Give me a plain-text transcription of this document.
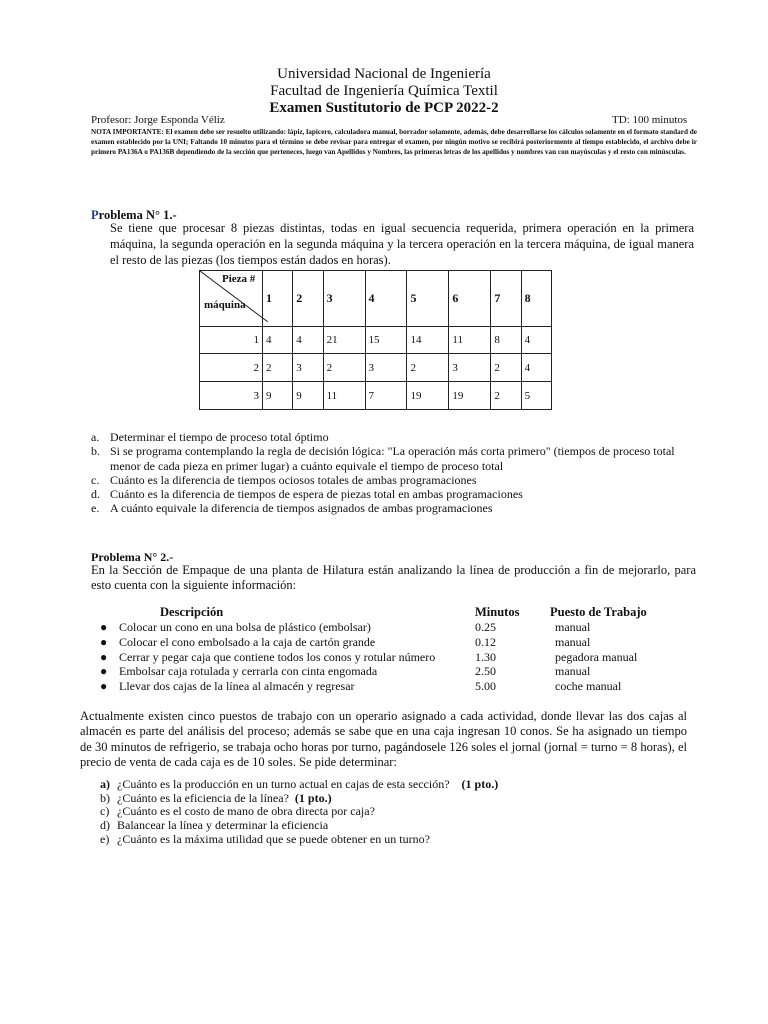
Universidad Nacional de Ingeniería
Facultad de Ingeniería Química Textil
Examen Sustitutorio de PCP 2022-2
Profesor: Jorge Esponda Véliz	TD: 100 minutos
NOTA IMPORTANTE: El examen debe ser resuelto utilizando: lápiz, lapicero, calculadora manual, borrador solamente, además, debe desarrollarse los cálculos solamente en el formato standard de examen establecido por la UNI; Faltando 10 minutos para el término se debe revisar para entregar el examen, por ningún motivo se recibirá posteriormente al tiempo establecido, el archivo debe ir primero PA136A o PA136B dependiendo de la sección que perteneces, luego van Apellidos y Nombres, las primeras letras de los apellidos y nombres van con mayúsculas y el resto con minúsculas.
Problema N° 1.-
Se tiene que procesar 8 piezas distintas, todas en igual secuencia requerida, primera operación en la primera máquina, la segunda operación en la segunda máquina y la tercera operación en la tercera máquina, de igual manera el resto de las piezas (los tiempos están dados en horas).
Pieza #
máquina	1	2	3	4	5	6	7	8
1	4	4	21	15	14	11	8	4
2	2	3	2	3	2	3	2	4
3	9	9	11	7	19	19	2	5
a. Determinar el tiempo de proceso total óptimo
b. Si se programa contemplando la regla de decisión lógica: "La operación más corta primero" (tiempos de proceso total menor de cada pieza en primer lugar) a cuánto equivale el tiempo de proceso total
c. Cuánto es la diferencia de tiempos ociosos totales de ambas programaciones
d. Cuánto es la diferencia de tiempos de espera de piezas total en ambas programaciones
e. A cuánto equivale la diferencia de tiempos asignados de ambas programaciones
Problema N° 2.-
En la Sección de Empaque de una planta de Hilatura están analizando la línea de producción a fin de mejorarlo, para esto cuenta con la siguiente información:
Descripción	Minutos Puesto de Trabajo
● Colocar un cono en una bolsa de plástico (embolsar)	0.25	manual
● Colocar el cono embolsado a la caja de cartón grande	0.12	manual
● Cerrar y pegar caja que contiene todos los conos y rotular número	1.30	pegadora manual
● Embolsar caja rotulada y cerrarla con cinta engomada	2.50	manual
● Llevar dos cajas de la línea al almacén y regresar	5.00	coche manual
Actualmente existen cinco puestos de trabajo con un operario asignado a cada actividad, donde llevar las dos cajas al almacén es parte del análisis del proceso; además se sabe que en una caja ingresan 10 conos. Se ha asignado un tiempo de 30 minutos de refrigerio, se trabaja ocho horas por turno, pagándosele 126 soles el jornal (jornal = turno = 8 horas), el precio de venta de cada caja es de 10 soles. Se pide determinar:
a) ¿Cuánto es la producción en un turno actual en cajas de esta sección? (1 pto.)
b) ¿Cuánto es la eficiencia de la línea? (1 pto.)
c) ¿Cuánto es el costo de mano de obra directa por caja?
d) Balancear la línea y determinar la eficiencia
e) ¿Cuánto es la máxima utilidad que se puede obtener en un turno?
